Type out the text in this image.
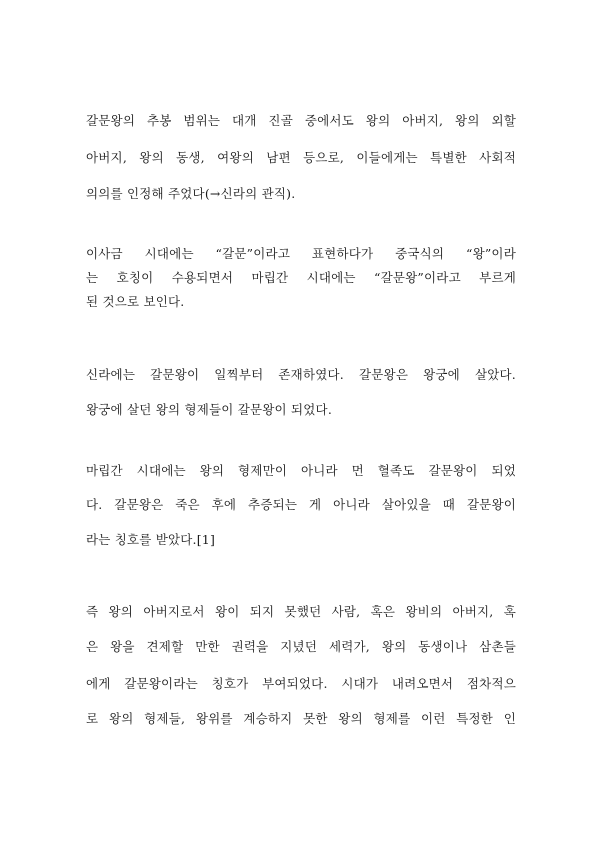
갈문왕의 추봉 범위는 대개 진골 중에서도 왕의 아버지, 왕의 외할
아버지, 왕의 동생, 여왕의 남편 등으로, 이들에게는 특별한 사회적
의의를 인정해 주었다(→신라의 관직).
이사금 시대에는 “갈문”이라고 표현하다가 중국식의 “왕”이라
는 호칭이 수용되면서 마립간 시대에는 “갈문왕”이라고 부르게
된 것으로 보인다.
신라에는 갈문왕이 일찍부터 존재하였다. 갈문왕은 왕궁에 살았다.
왕궁에 살던 왕의 형제들이 갈문왕이 되었다.
마립간 시대에는 왕의 형제만이 아니라 먼 혈족도 갈문왕이 되었
다. 갈문왕은 죽은 후에 추증되는 게 아니라 살아있을 때 갈문왕이
라는 칭호를 받았다.[1]
즉 왕의 아버지로서 왕이 되지 못했던 사람, 혹은 왕비의 아버지, 혹
은 왕을 견제할 만한 권력을 지녔던 세력가, 왕의 동생이나 삼촌들
에게 갈문왕이라는 칭호가 부여되었다. 시대가 내려오면서 점차적으
로 왕의 형제들, 왕위를 계승하지 못한 왕의 형제를 이런 특정한 인
